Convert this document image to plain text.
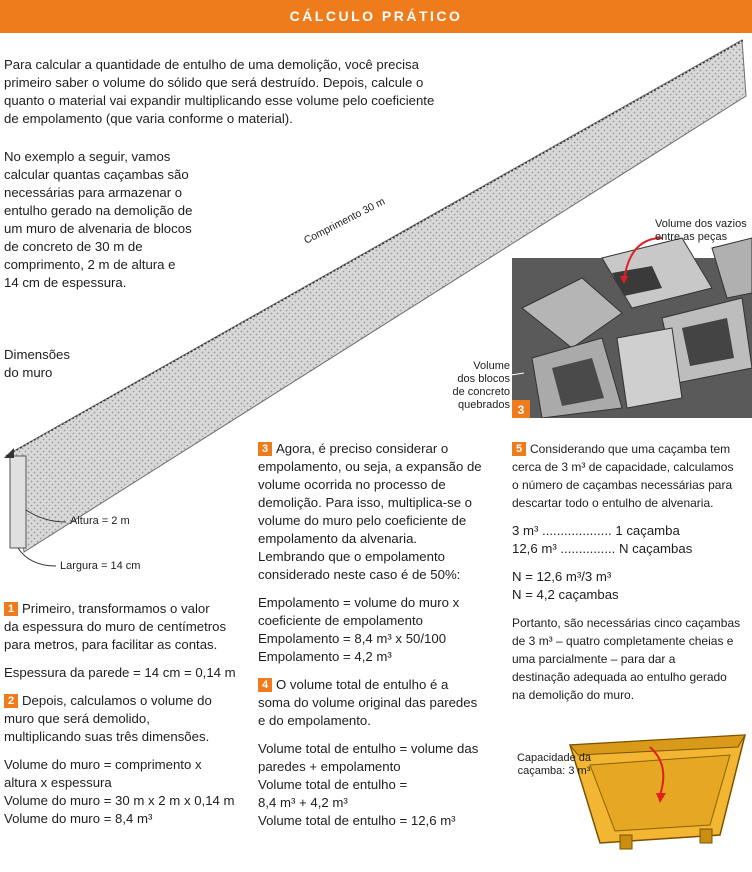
CÁLCULO PRÁTICO

Para calcular a quantidade de entulho de uma demolição, você precisa

primeiro saber o volume do sólido que será destruído. Depois, calcule o

quanto o material vai expandir multiplicando esse volume pelo coeficiente

de empolamento (que varia conforme o material).

No exemplo a seguir, vamos

calcular quantas caçambas são

necessárias para armazenar o

entulho gerado na demolição de

um muro de alvenaria de blocos

de concreto de 30 m de

comprimento, 2 m de altura e

14 cm de espessura.

Comprimento 30 m

Dimensões

do muro

Altura = 2 m
Largura = 14 cm
3
Volume dos vazios
entre as peças
Volume
dos blocos
de concreto
quebrados

1 Primeiro, transformamos o valor

da espessura do muro de centímetros

para metros, para facilitar as contas.

Espessura da parede = 14 cm = 0,14 m

2 Depois, calculamos o volume do

muro que será demolido,

multiplicando suas três dimensões.

Volume do muro = comprimento x

altura x espessura

Volume do muro = 30 m x 2 m x 0,14 m

Volume do muro = 8,4 m³

3 Agora, é preciso considerar o

empolamento, ou seja, a expansão de

volume ocorrida no processo de

demolição. Para isso, multiplica-se o

volume do muro pelo coeficiente de

empolamento da alvenaria.

Lembrando que o empolamento

considerado neste caso é de 50%:

Empolamento = volume do muro x

coeficiente de empolamento

Empolamento = 8,4 m³ x 50/100

Empolamento = 4,2 m³

4 O volume total de entulho é a

soma do volume original das paredes

e do empolamento.

Volume total de entulho = volume das

paredes + empolamento

Volume total de entulho =

8,4 m³ + 4,2 m³

Volume total de entulho = 12,6 m³

5 Considerando que uma caçamba tem

cerca de 3 m³ de capacidade, calculamos

o número de caçambas necessárias para

descartar todo o entulho de alvenaria.

3 m³ ................... 1 caçamba

12,6 m³ ............... N caçambas

N = 12,6 m³/3 m³

N = 4,2 caçambas

Portanto, são necessárias cinco caçambas

de 3 m³ – quatro completamente cheias e

uma parcialmente – para dar a

destinação adequada ao entulho gerado

na demolição do muro.

Capacidade da
caçamba: 3 m³
